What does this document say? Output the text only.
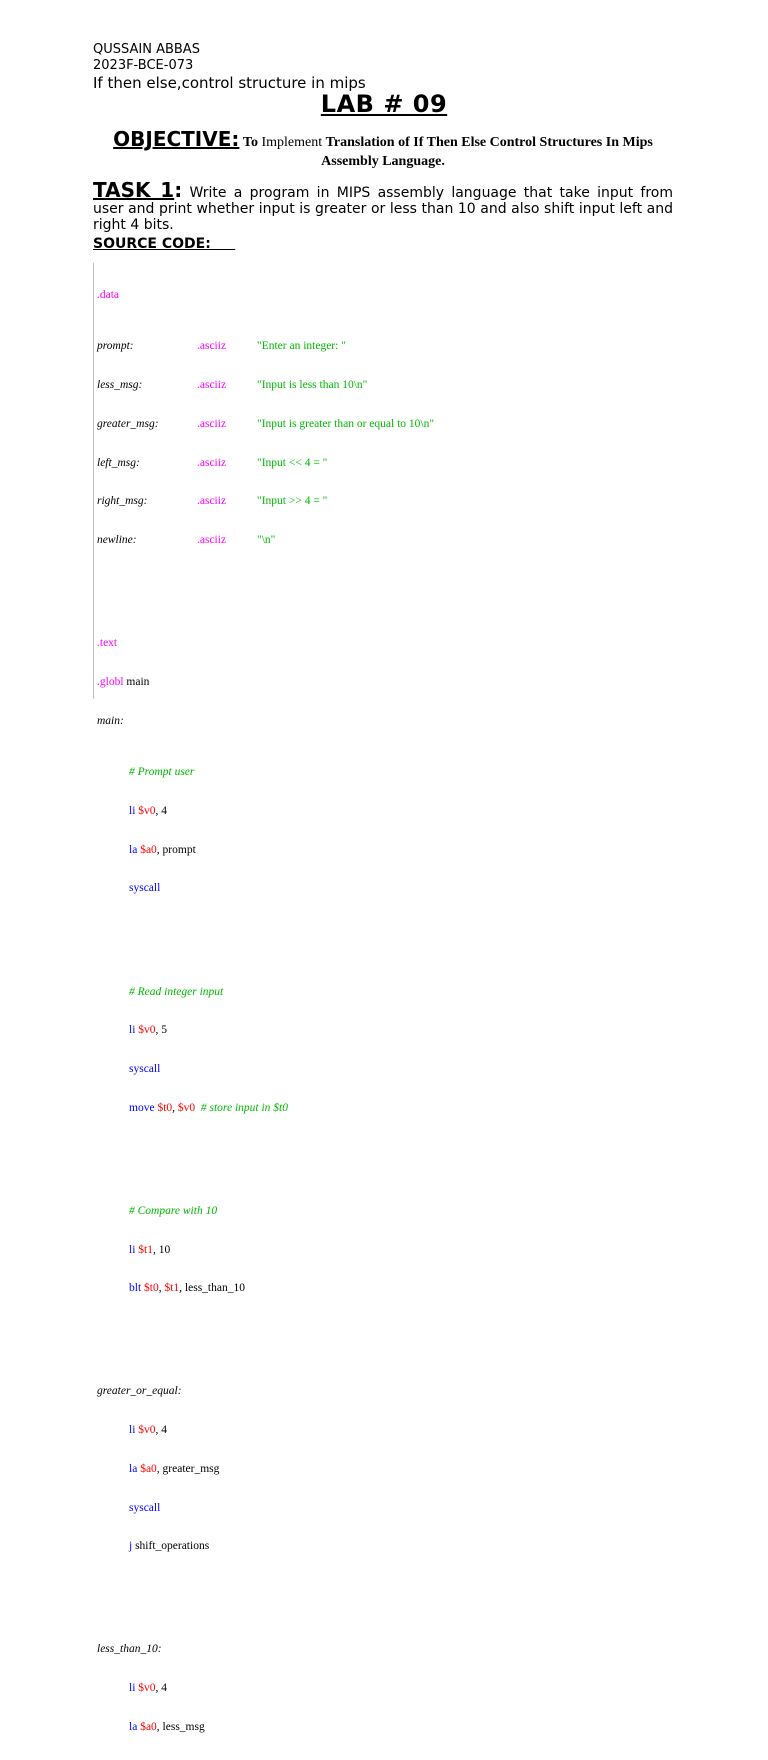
QUSSAIN ABBAS
2023F-BCE-073
If then else,control structure in mips
LAB # 09
OBJECTIVE: To Implement Translation of If Then Else Control Structures In Mips Assembly Language.
TASK 1: Write a program in MIPS assembly language that take input from user and print whether input is greater or less than 10 and also shift input left and right 4 bits.
SOURCE CODE:

.data

prompt:	.asciiz	"Enter an integer: "

less_msg:	.asciiz	"Input is less than 10\n"

greater_msg:	.asciiz	"Input is greater than or equal to 10\n"

left_msg:	.asciiz	"Input << 4 = "

right_msg:	.asciiz	"Input >> 4 = "

newline:	.asciiz	"\n"

.text

.globl main

main:

# Prompt user

li $v0, 4

la $a0, prompt

syscall

# Read integer input

li $v0, 5

syscall

move $t0, $v0 # store input in $t0

# Compare with 10

li $t1, 10

blt $t0, $t1, less_than_10

greater_or_equal:

li $v0, 4

la $a0, greater_msg

syscall

j shift_operations

less_than_10:

li $v0, 4

la $a0, less_msg
